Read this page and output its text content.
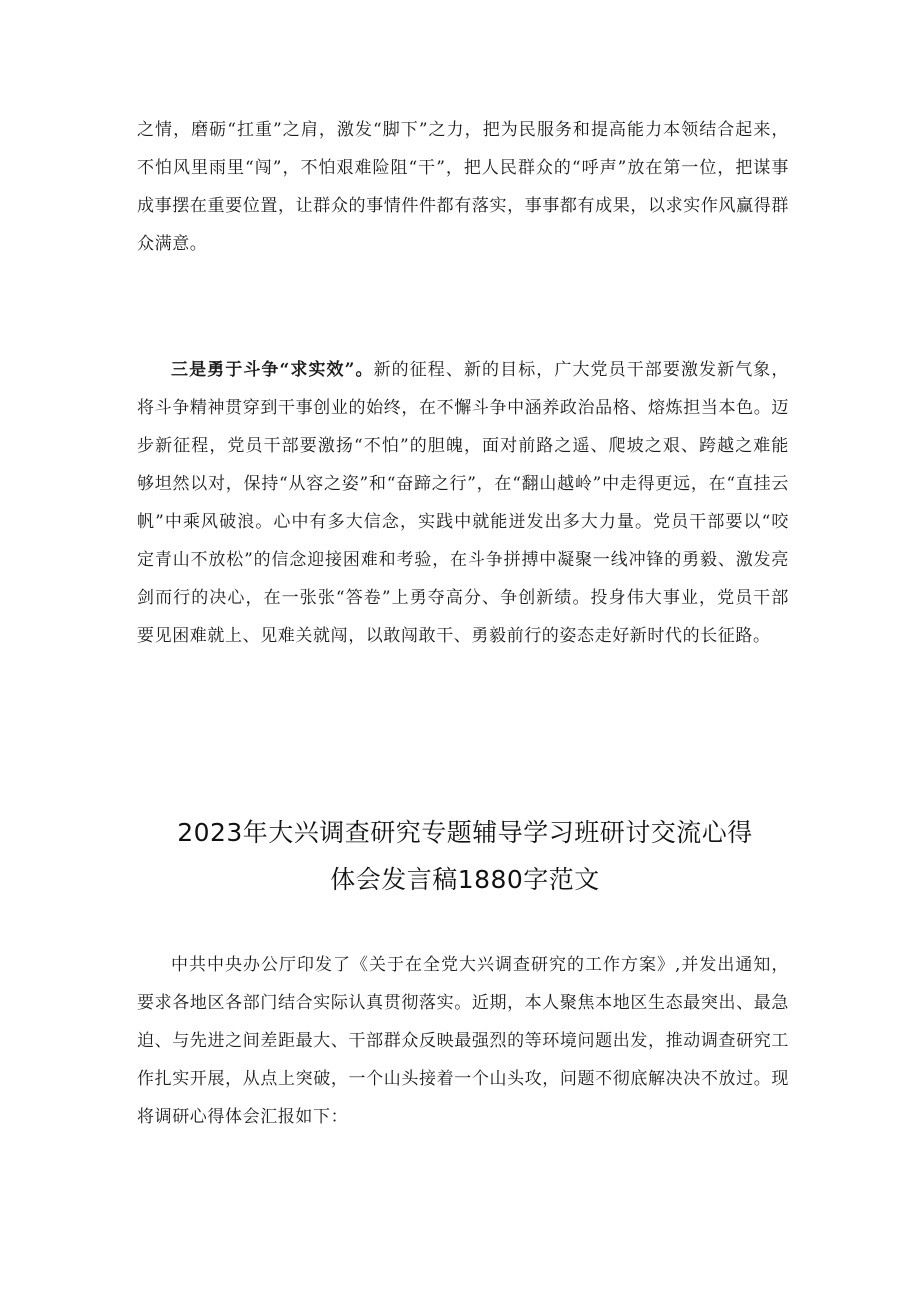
之情，磨砺“扛重”之肩，激发“脚下”之力，把为民服务和提高能力本领结合起来，不怕风里雨里“闯”，不怕艰难险阻“干”，把人民群众的“呼声”放在第一位，把谋事成事摆在重要位置，让群众的事情件件都有落实，事事都有成果，以求实作风赢得群众满意。

三是勇于斗争“求实效”。新的征程、新的目标，广大党员干部要激发新气象，将斗争精神贯穿到干事创业的始终，在不懈斗争中涵养政治品格、熔炼担当本色。迈步新征程，党员干部要激扬“不怕”的胆魄，面对前路之遥、爬坡之艰、跨越之难能够坦然以对，保持“从容之姿”和“奋蹄之行”，在“翻山越岭”中走得更远，在“直挂云帆”中乘风破浪。心中有多大信念，实践中就能迸发出多大力量。党员干部要以“咬定青山不放松”的信念迎接困难和考验，在斗争拼搏中凝聚一线冲锋的勇毅、激发亮剑而行的决心，在一张张“答卷”上勇夺高分、争创新绩。投身伟大事业，党员干部要见困难就上、见难关就闯，以敢闯敢干、勇毅前行的姿态走好新时代的长征路。

2023年大兴调查研究专题辅导学习班研讨交流心得
体会发言稿1880字范文

中共中央办公厅印发了《关于在全党大兴调查研究的工作方案》,并发出通知，要求各地区各部门结合实际认真贯彻落实。近期，本人聚焦本地区生态最突出、最急迫、与先进之间差距最大、干部群众反映最强烈的等环境问题出发，推动调查研究工作扎实开展，从点上突破，一个山头接着一个山头攻，问题不彻底解决决不放过。现将调研心得体会汇报如下：
